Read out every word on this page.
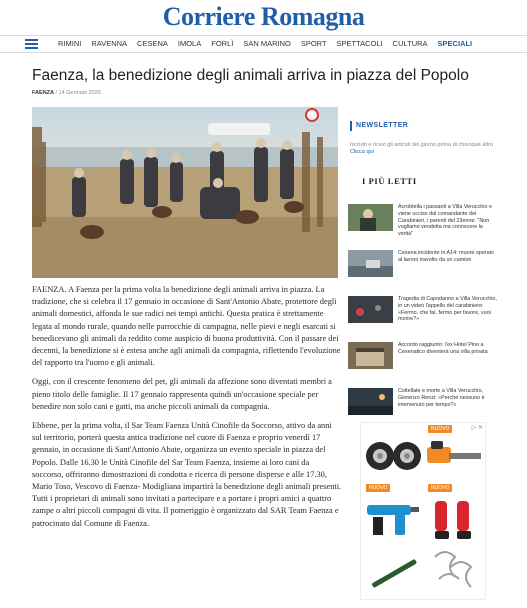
Corriere Romagna
RIMINI	RAVENNA	CESENA	IMOLA	FORLÌ	SAN MARINO	SPORT	SPETTACOLI	CULTURA	SPECIALI
Faenza, la benedizione degli animali arriva in piazza del Popolo
FAENZA / 14 Gennaio 2025

FAENZA. A Faenza per la prima volta la benedizione degli animali arriva in piazza. La tradizione, che si celebra il 17 gennaio in occasione di Sant'Antonio Abate, protettore degli animali domestici, affonda le sue radici nei tempi antichi. Questa pratica è strettamente legata al mondo rurale, quando nelle parrocchie di campagna, nelle pievi e negli esarcati si benedicevano gli animali da reddito come auspicio di buona produttività. Con il passare dei decenni, la benedizione si è estesa anche agli animali da compagnia, riflettendo l'evoluzione del rapporto tra l'uomo e gli animali.

Oggi, con il crescente fenomeno del pet, gli animali da affezione sono diventati membri a pieno titolo delle famiglie. Il 17 gennaio rappresenta quindi un'occasione speciale per benedire non solo cani e gatti, ma anche piccoli animali da compagnia.

Ebbene, per la prima volta, il Sar Team Faenza Unità Cinofile da Soccorso, attivo da anni sul territorio, porterà questa antica tradizione nel cuore di Faenza e proprio venerdì 17 gennaio, in occasione di Sant'Antonio Abate, organizza un evento speciale in piazza del Popolo. Dalle 16.30 le Unità Cinofile del Sar Team Faenza, insieme ai loro cani da soccorso, offriranno dimostrazioni di condotta e ricerca di persone disperse e alle 17.30, Mario Toso, Vescovo di Faenza- Modigliana impartirà la benedizione degli animali presenti. Tutti i proprietari di animali sono invitati a partecipare e a portare i propri amici a quattro zampe o altri piccoli compagni di vita. Il pomeriggio è organizzato dal SAR Team Faenza e patrocinato dal Comune di Faenza.

NEWSLETTER
Iscriviti e ricevi gli articoli del giorno prima di chiunque altro Clicca qui
I PIÙ LETTI
Acrobtella i passanti a Villa Verucchio e viene ucciso dal comandante dei Carabinieri, i parenti del 23enne: "Non vogliamo vendetta ma conoscere la verità"
Cesena incidente in A14: muore operaio al lavoro travolto da un camion
Tragedia di Capodanno a Villa Verucchio, in un video l'appello del carabiniere: «Fermo, che fai, fermo per favore, vuoi morire?»
Accordo raggiunto: l'ex Hotel Pino a Cesenatico diventerà una villa privata
Coltellate e morte a Villa Verucchio, Giorenzo Renzi: «Perché nessuno è intervenuto per tempo?»
▷ ✕
NUOVO
NUOVO	NUOVO
